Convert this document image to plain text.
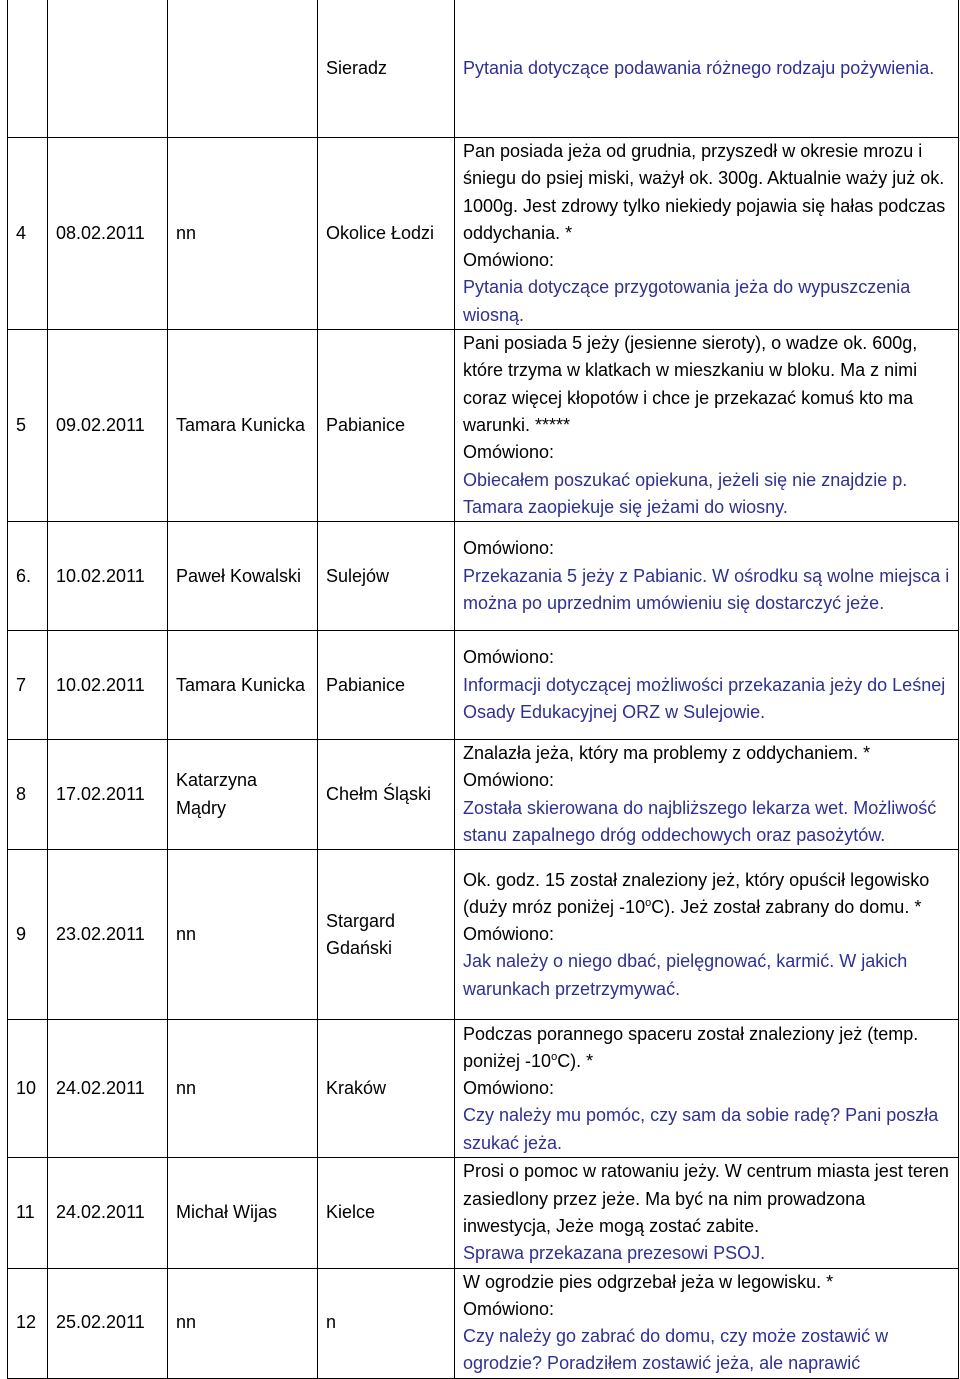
			Sieradz	Pytania dotyczące podawania różnego rodzaju pożywienia.

4	08.02.2011	nn	Okolice Łodzi	Pan posiada jeża od grudnia, przyszedł w okresie mrozu i śniegu do psiej miski, ważył ok. 300g. Aktualnie waży już ok. 1000g. Jest zdrowy tylko niekiedy pojawia się hałas podczas oddychania. *
Omówiono:
Pytania dotyczące przygotowania jeża do wypuszczenia wiosną.

5	09.02.2011	Tamara Kunicka	Pabianice	Pani posiada 5 jeży (jesienne sieroty), o wadze ok. 600g, które trzyma w klatkach w mieszkaniu w bloku. Ma z nimi coraz więcej kłopotów i chce je przekazać komuś kto ma warunki. *****
Omówiono:
Obiecałem poszukać opiekuna, jeżeli się nie znajdzie p. Tamara zaopiekuje się jeżami do wiosny.

6.	10.02.2011	Paweł Kowalski	Sulejów	Omówiono:
Przekazania 5 jeży z Pabianic. W ośrodku są wolne miejsca i można po uprzednim umówieniu się dostarczyć jeże.

7	10.02.2011	Tamara Kunicka	Pabianice	Omówiono:
Informacji dotyczącej możliwości przekazania jeży do Leśnej Osady Edukacyjnej ORZ w Sulejowie.

8	17.02.2011	Katarzyna Mądry	Chełm Śląski	Znalazła jeża, który ma problemy z oddychaniem. *
Omówiono:
Została skierowana do najbliższego lekarza wet. Możliwość stanu zapalnego dróg oddechowych oraz pasożytów.

9	23.02.2011	nn	Stargard Gdański	Ok. godz. 15 został znaleziony jeż, który opuścił legowisko (duży mróz poniżej -10$^o$C). Jeż został zabrany do domu. *
Omówiono:
Jak należy o niego dbać, pielęgnować, karmić. W jakich warunkach przetrzymywać.

10	24.02.2011	nn	Kraków	Podczas porannego spaceru został znaleziony jeż (temp. poniżej -10$^o$C). *
Omówiono:
Czy należy mu pomóc, czy sam da sobie radę? Pani poszła szukać jeża.

11	24.02.2011	Michał Wijas	Kielce	Prosi o pomoc w ratowaniu jeży. W centrum miasta jest teren zasiedlony przez jeże. Ma być na nim prowadzona inwestycja, Jeże mogą zostać zabite.
Sprawa przekazana prezesowi PSOJ.

12	25.02.2011	nn	n	W ogrodzie pies odgrzebał jeża w legowisku. *
Omówiono:
Czy należy go zabrać do domu, czy może zostawić w ogrodzie? Poradziłem zostawić jeża, ale naprawić
